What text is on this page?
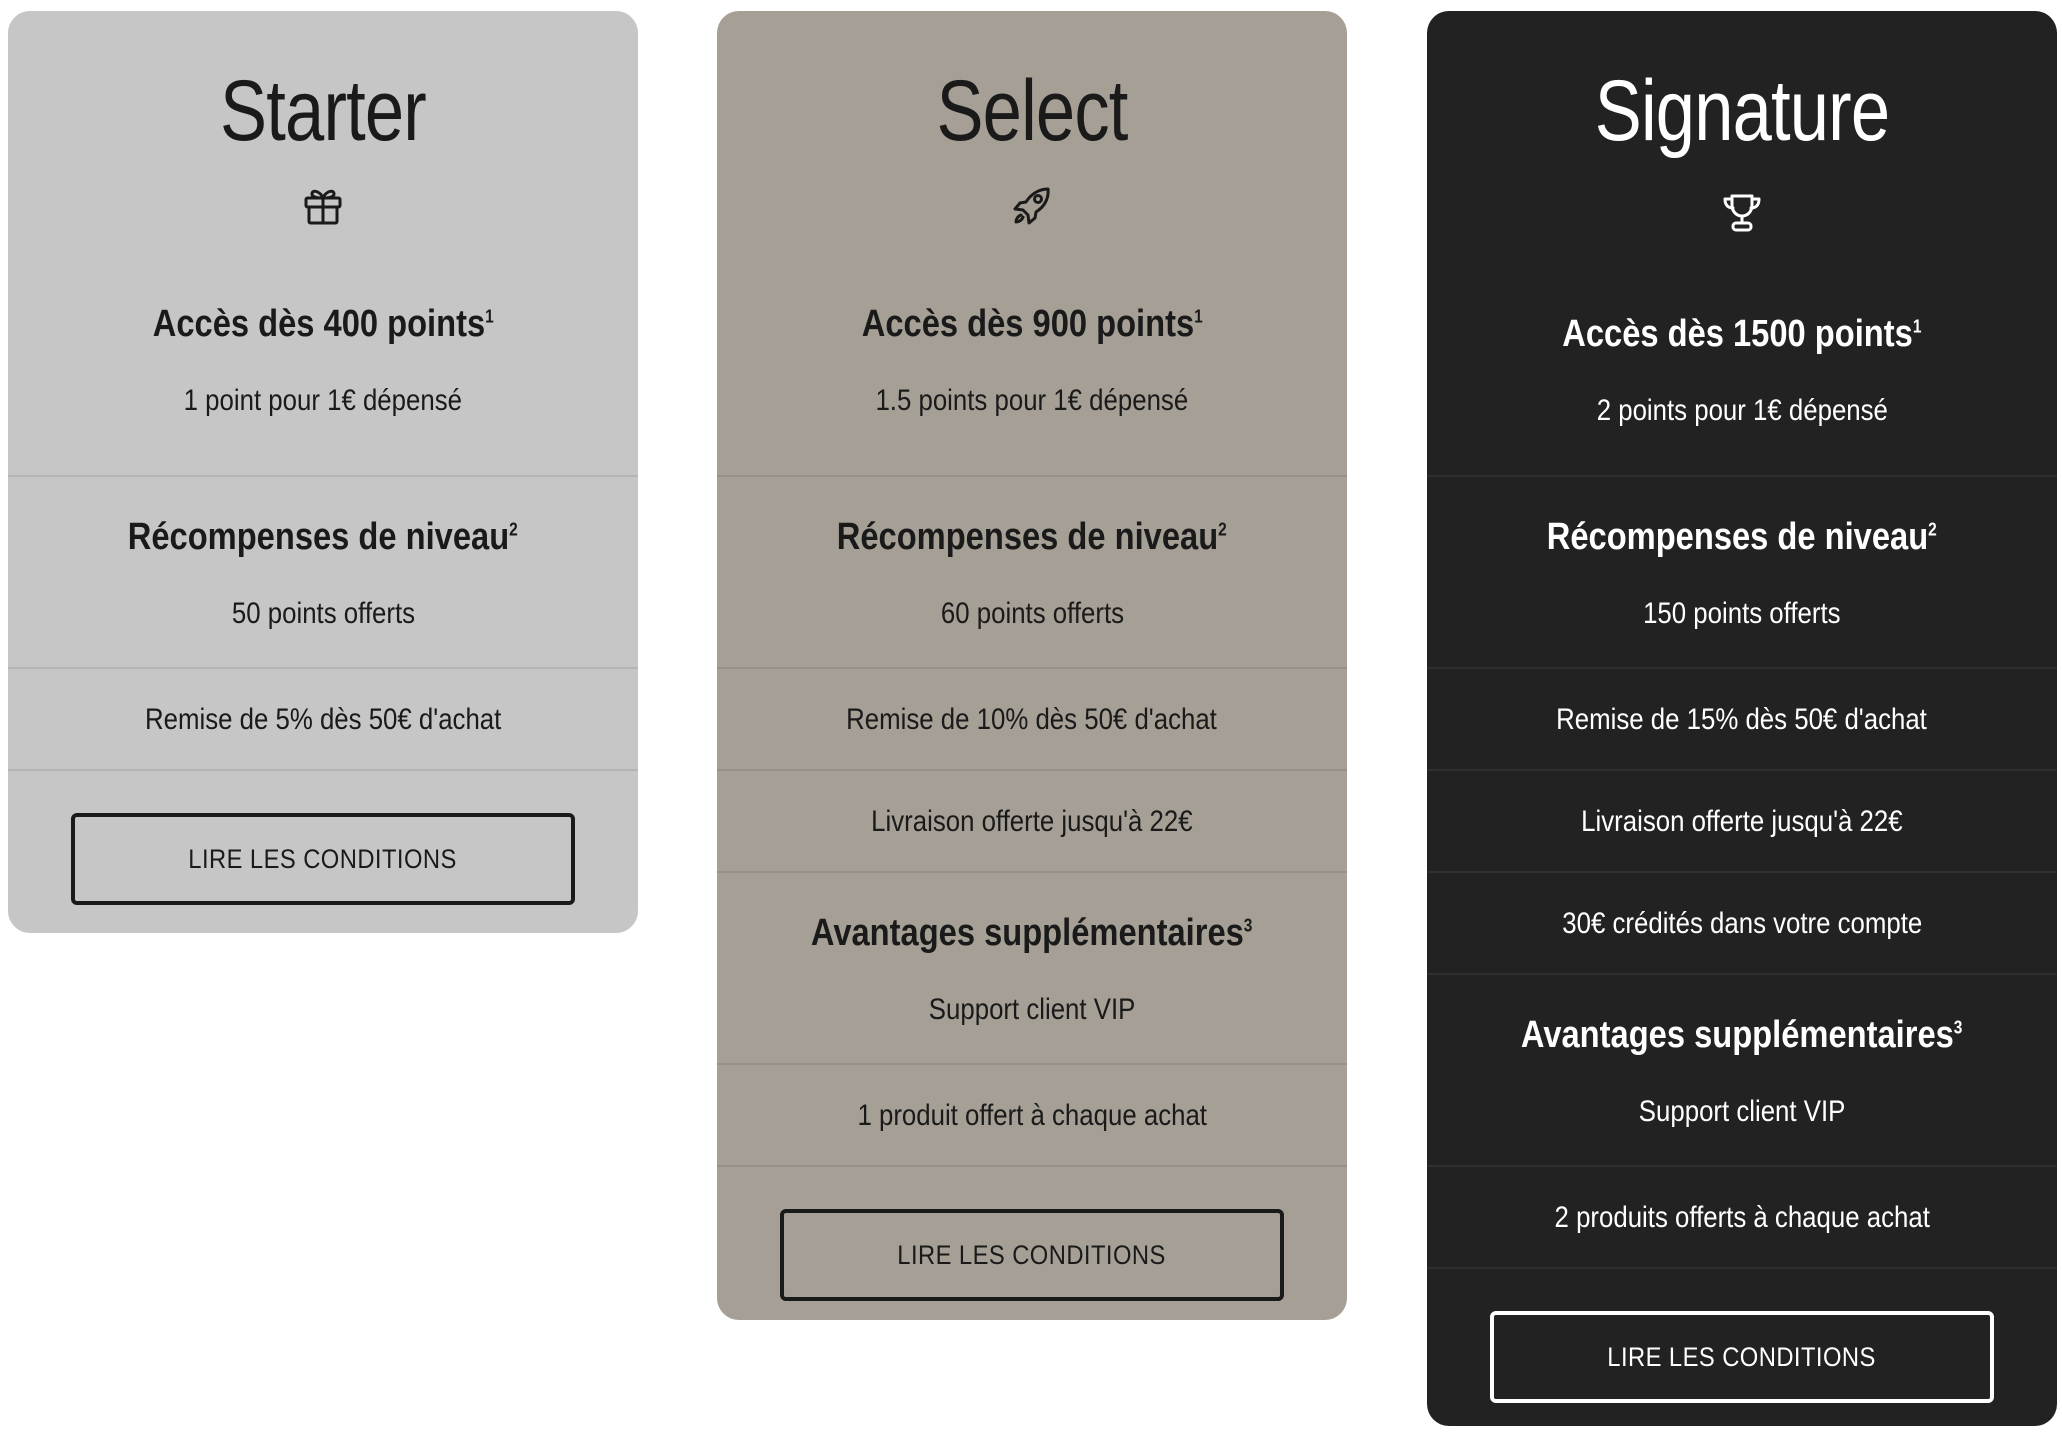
Starter
Accès dès 400 points$^1$
1 point pour 1€ dépensé
Récompenses de niveau$^2$
50 points offerts
Remise de 5% dès 50€ d'achat
LIRE LES CONDITIONS
Select
Accès dès 900 points$^1$
1.5 points pour 1€ dépensé
Récompenses de niveau$^2$
60 points offerts
Remise de 10% dès 50€ d'achat
Livraison offerte jusqu'à 22€
Avantages supplémentaires$^3$
Support client VIP
1 produit offert à chaque achat
LIRE LES CONDITIONS
Signature
Accès dès 1500 points$^1$
2 points pour 1€ dépensé
Récompenses de niveau$^2$
150 points offerts
Remise de 15% dès 50€ d'achat
Livraison offerte jusqu'à 22€
30€ crédités dans votre compte
Avantages supplémentaires$^3$
Support client VIP
2 produits offerts à chaque achat
LIRE LES CONDITIONS
